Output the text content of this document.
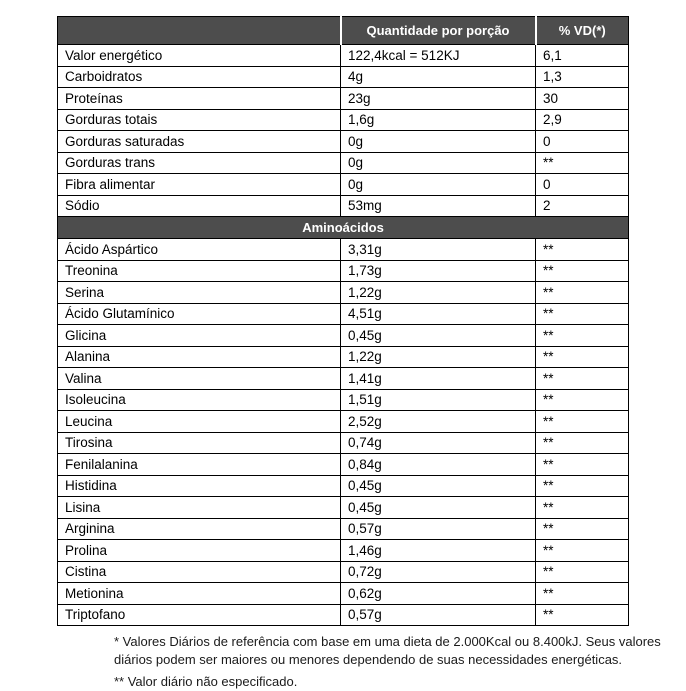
	Quantidade por porção	% VD(*)
Valor energético	122,4kcal = 512KJ	6,1
Carboidratos	4g	1,3
Proteínas	23g	30
Gorduras totais	1,6g	2,9
Gorduras saturadas	0g	0
Gorduras trans	0g	**
Fibra alimentar	0g	0
Sódio	53mg	2
Aminoácidos		
Ácido Aspártico	3,31g	**
Treonina	1,73g	**
Serina	1,22g	**
Ácido Glutamínico	4,51g	**
Glicina	0,45g	**
Alanina	1,22g	**
Valina	1,41g	**
Isoleucina	1,51g	**
Leucina	2,52g	**
Tirosina	0,74g	**
Fenilalanina	0,84g	**
Histidina	0,45g	**
Lisina	0,45g	**
Arginina	0,57g	**
Prolina	1,46g	**
Cistina	0,72g	**
Metionina	0,62g	**
Triptofano	0,57g	**

* Valores Diários de referência com base em uma dieta de 2.000Kcal ou 8.400kJ. Seus valores diários podem ser maiores ou menores dependendo de suas necessidades energéticas.

** Valor diário não especificado.
